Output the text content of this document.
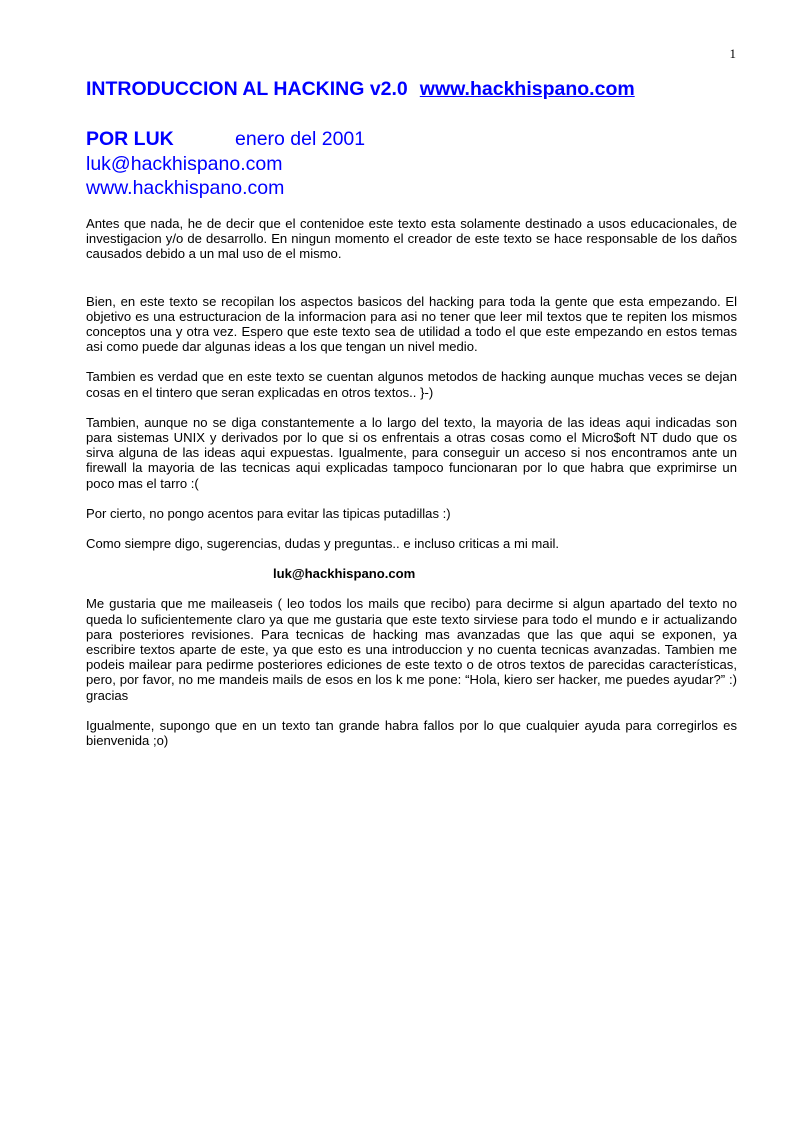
1
INTRODUCCION AL HACKING v2.0 www.hackhispano.com
POR LUK	enero del 2001
luk@hackhispano.com
www.hackhispano.com

Antes que nada, he de decir que el contenidoe este texto esta solamente destinado a usos educacionales, de investigacion y/o de desarrollo. En ningun momento el creador de este texto se hace responsable de los daños causados debido a un mal uso de el mismo.

Bien, en este texto se recopilan los aspectos basicos del hacking para toda la gente que esta empezando. El objetivo es una estructuracion de la informacion para asi no tener que leer mil textos que te repiten los mismos conceptos una y otra vez. Espero que este texto sea de utilidad a todo el que este empezando en estos temas asi como puede dar algunas ideas a los que tengan un nivel medio.

Tambien es verdad que en este texto se cuentan algunos metodos de hacking aunque muchas veces se dejan cosas en el tintero que seran explicadas en otros textos.. }-)

Tambien, aunque no se diga constantemente a lo largo del texto, la mayoria de las ideas aqui indicadas son para sistemas UNIX y derivados por lo que si os enfrentais a otras cosas como el Micro$oft NT dudo que os sirva alguna de las ideas aqui expuestas. Igualmente, para conseguir un acceso si nos encontramos ante un firewall la mayoria de las tecnicas aqui explicadas tampoco funcionaran por lo que habra que exprimirse un poco mas el tarro :(

Por cierto, no pongo acentos para evitar las tipicas putadillas :)

Como siempre digo, sugerencias, dudas y preguntas.. e incluso criticas a mi mail.

luk@hackhispano.com

Me gustaria que me maileaseis ( leo todos los mails que recibo) para decirme si algun apartado del texto no queda lo suficientemente claro ya que me gustaria que este texto sirviese para todo el mundo e ir actualizando para posteriores revisiones. Para tecnicas de hacking mas avanzadas que las que aqui se exponen, ya escribire textos aparte de este, ya que esto es una introduccion y no cuenta tecnicas avanzadas. Tambien me podeis mailear para pedirme posteriores ediciones de este texto o de otros textos de parecidas características, pero, por favor, no me mandeis mails de esos en los k me pone: “Hola, kiero ser hacker, me puedes ayudar?” :) gracias

Igualmente, supongo que en un texto tan grande habra fallos por lo que cualquier ayuda para corregirlos es bienvenida ;o)
